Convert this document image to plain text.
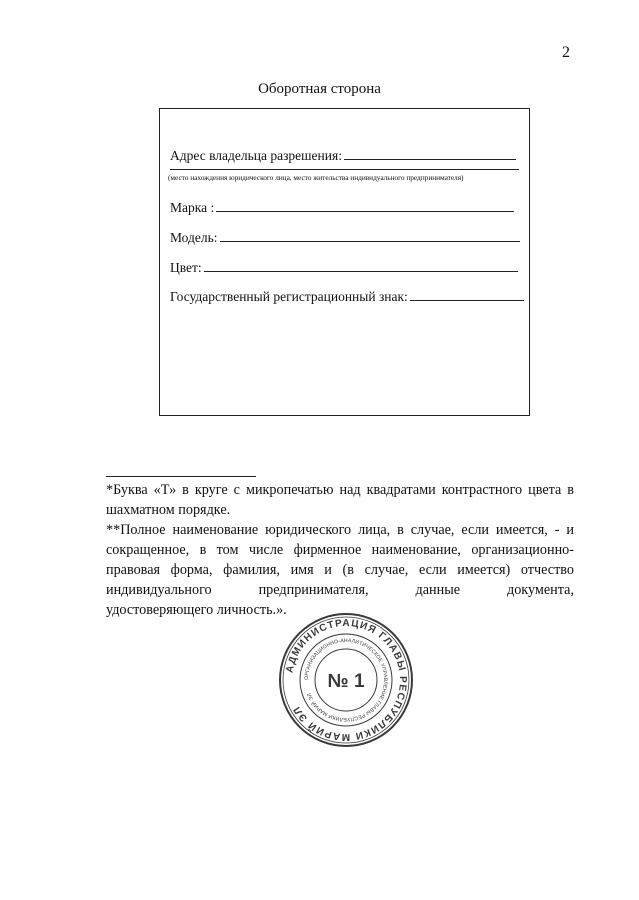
2
Оборотная сторона
Адрес владельца разрешения:
(место нахождения юридического лица, место жительства индивидуального предпринимателя)
Марка :
Модель:
Цвет:
Государственный регистрационный знак:

*Буква «Т» в круге с микропечатью над квадратами контрастного цвета в шахматном порядке.

**Полное наименование юридического лица, в случае, если имеется, - и сокращенное, в том числе фирменное наименование, организационно-правовая форма, фамилия, имя и (в случае, если имеется) отчество индивидуального предпринимателя, данные документа,

удостоверяющего личность.».

АДМИНИСТРАЦИЯ ГЛАВЫ РЕСПУБЛИКИ МАРИЙ ЭЛ
ОРГАНИЗАЦИОННО-АНАЛИТИЧЕСКОЕ УПРАВЛЕНИЕ ГЛАВЫ РЕСПУБЛИКИ МАРИЙ ЭЛ
№ 1
